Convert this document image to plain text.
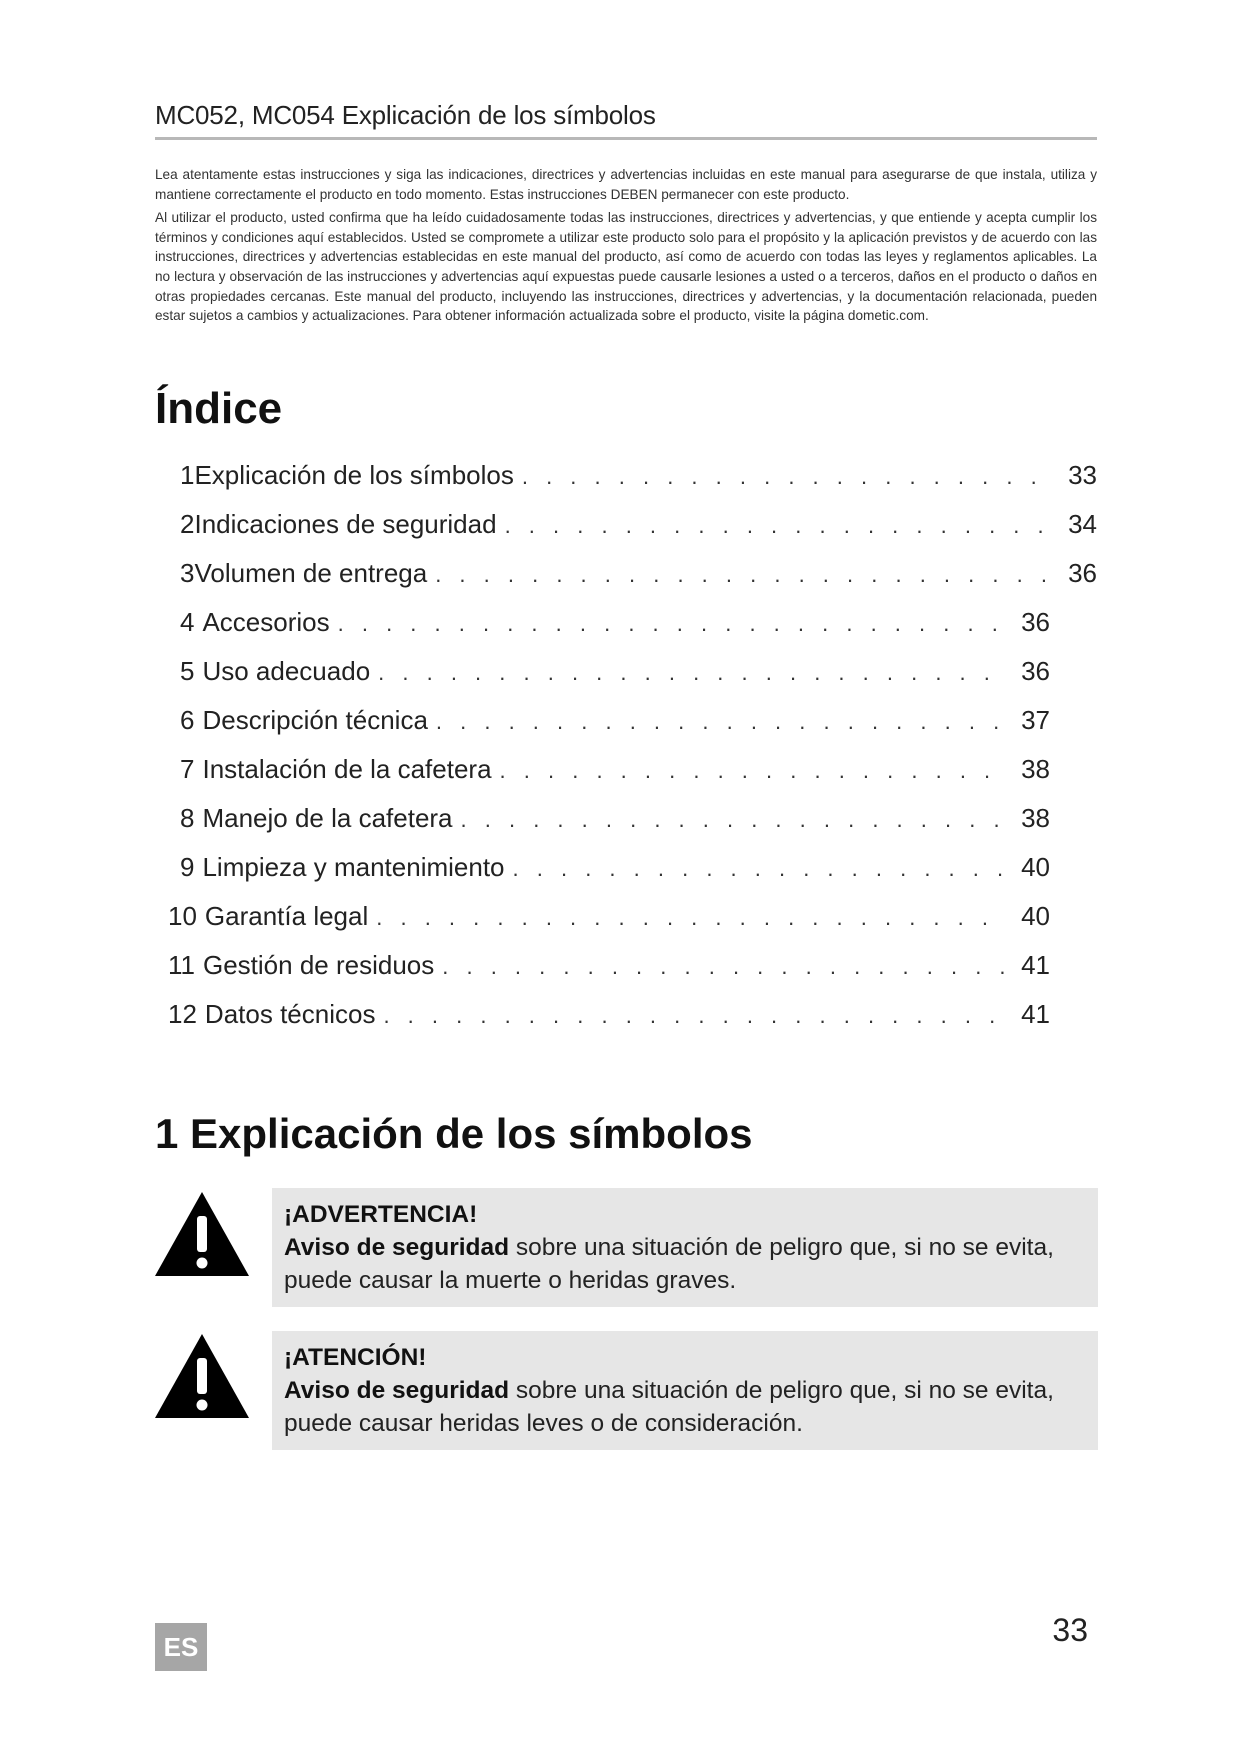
MC052, MC054 Explicación de los símbolos

Lea atentamente estas instrucciones y siga las indicaciones, directrices y advertencias incluidas en este manual para asegurarse de que instala, utiliza y mantiene correctamente el producto en todo momento. Estas instrucciones DEBEN permanecer con este producto.

Al utilizar el producto, usted confirma que ha leído cuidadosamente todas las instrucciones, directrices y advertencias, y que entiende y acepta cumplir los términos y condiciones aquí establecidos. Usted se compromete a utilizar este producto solo para el propósito y la aplicación previstos y de acuerdo con las instrucciones, directrices y advertencias establecidas en este manual del producto, así como de acuerdo con todas las leyes y reglamentos aplicables. La no lectura y observación de las instrucciones y advertencias aquí expuestas puede causarle lesiones a usted o a terceros, daños en el producto o daños en otras propiedades cercanas. Este manual del producto, incluyendo las instrucciones, directrices y advertencias, y la documentación relacionada, pueden estar sujetos a cambios y actualizaciones. Para obtener información actualizada sobre el producto, visite la página dometic.com.

Índice
1 Explicación de los símbolos . . .	33
2 Indicaciones de seguridad . . .	34
3 Volumen de entrega . . .	36
4 Accesorios . . .	36
5 Uso adecuado . . .	36
6 Descripción técnica . . .	37
7 Instalación de la cafetera . . .	38
8 Manejo de la cafetera . . .	38
9 Limpieza y mantenimiento . . .	40
10 Garantía legal . . .	40
11 Gestión de residuos . . .	41
12 Datos técnicos . . .	41
1 Explicación de los símbolos
¡ADVERTENCIA!
Aviso de seguridad sobre una situación de peligro que, si no se evita, puede causar la muerte o heridas graves.
¡ATENCIÓN!
Aviso de seguridad sobre una situación de peligro que, si no se evita, puede causar heridas leves o de consideración.
ES	33
